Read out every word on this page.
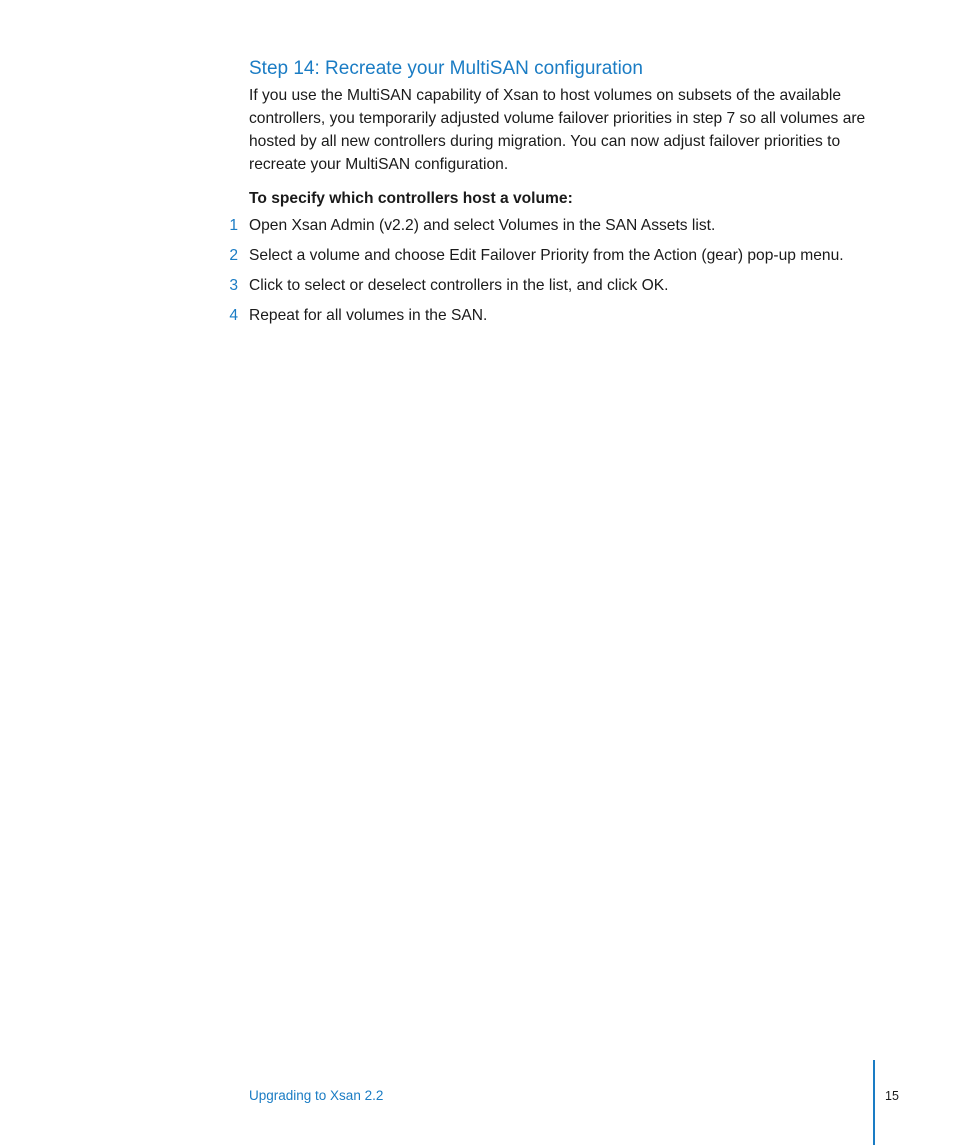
Step 14: Recreate your MultiSAN configuration

If you use the MultiSAN capability of Xsan to host volumes on subsets of the available controllers, you temporarily adjusted volume failover priorities in step 7 so all volumes are hosted by all new controllers during migration. You can now adjust failover priorities to recreate your MultiSAN configuration.

To specify which controllers host a volume:

1 Open Xsan Admin (v2.2) and select Volumes in the SAN Assets list.
2 Select a volume and choose Edit Failover Priority from the Action (gear) pop-up menu.
3 Click to select or deselect controllers in the list, and click OK.
4 Repeat for all volumes in the SAN.
Upgrading to Xsan 2.2	15
